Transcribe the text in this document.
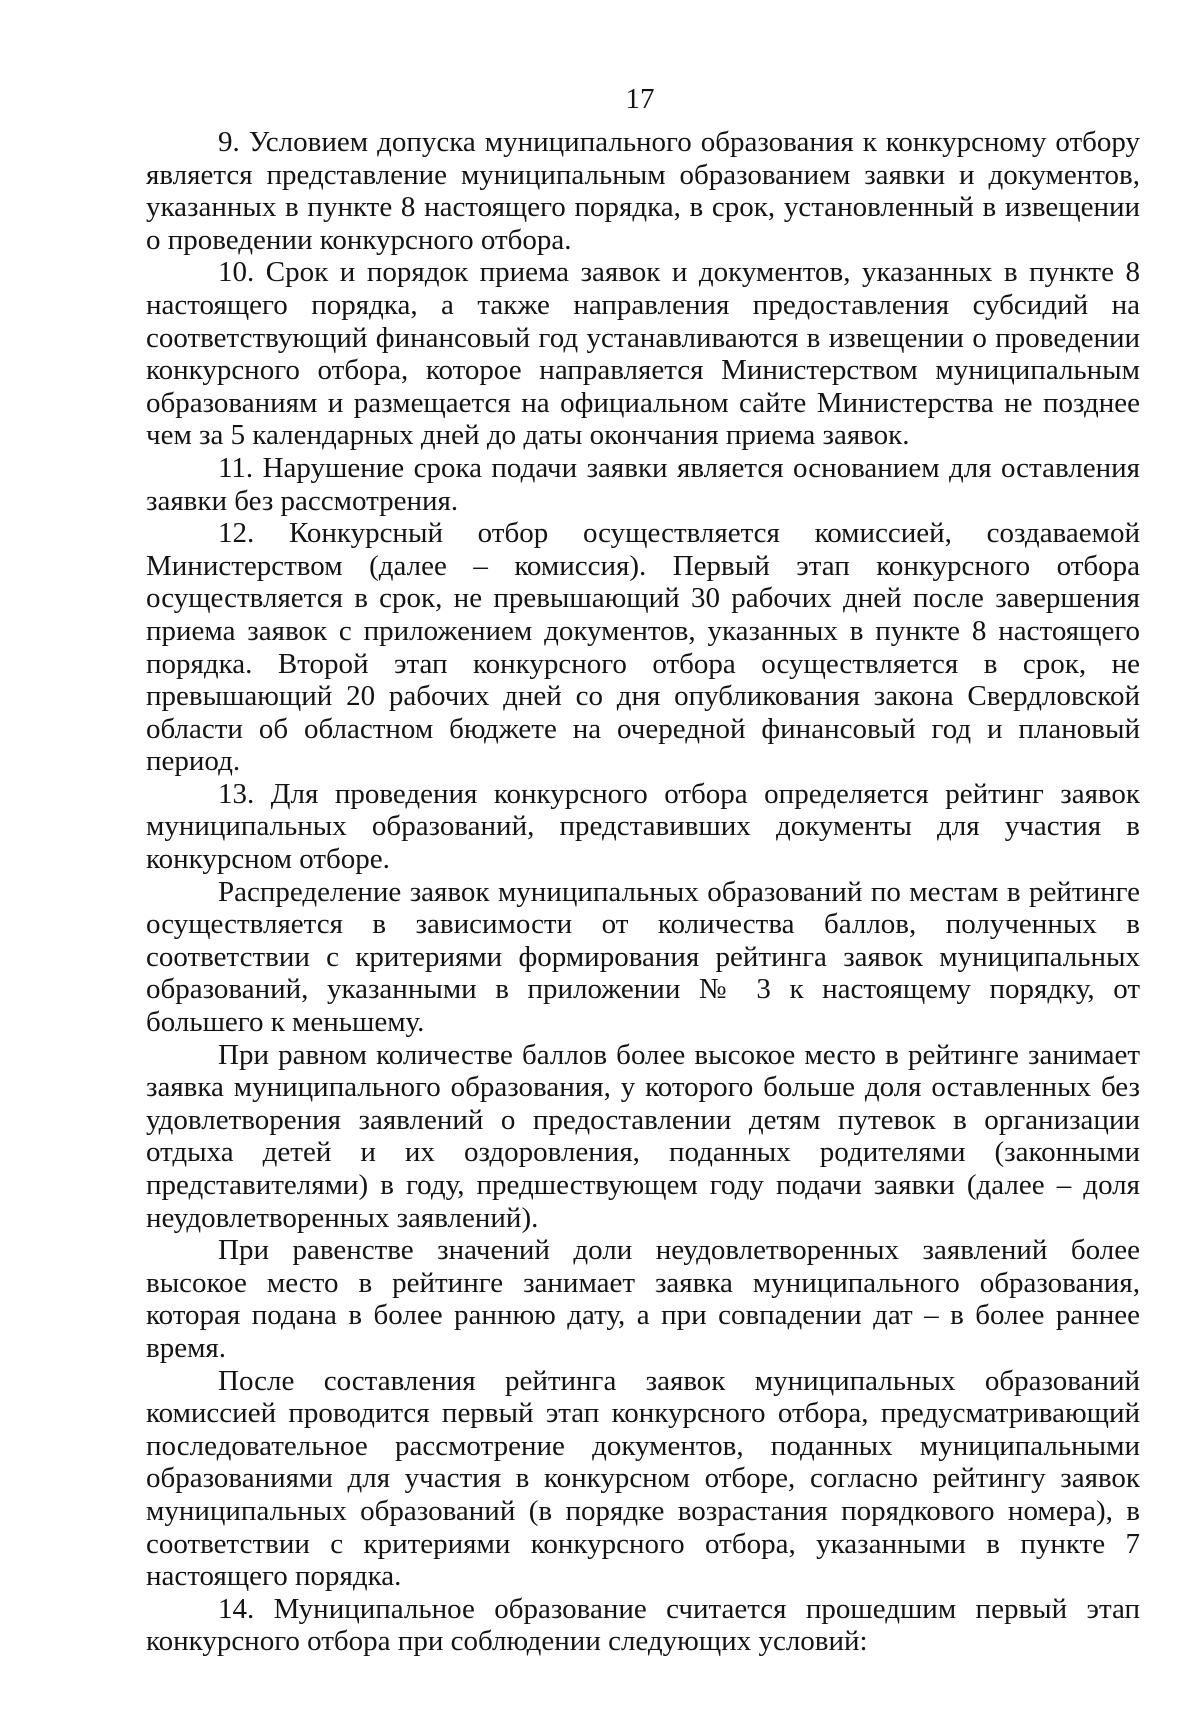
17

9. Условием допуска муниципального образования к конкурсному отбору является представление муниципальным образованием заявки и документов, указанных в пункте 8 настоящего порядка, в срок, установленный в извещении о проведении конкурсного отбора.

10. Срок и порядок приема заявок и документов, указанных в пункте 8 настоящего порядка, а также направления предоставления субсидий на соответствующий финансовый год устанавливаются в извещении о проведении конкурсного отбора, которое направляется Министерством муниципальным образованиям и размещается на официальном сайте Министерства не позднее чем за 5 календарных дней до даты окончания приема заявок.

11. Нарушение срока подачи заявки является основанием для оставления заявки без рассмотрения.

12. Конкурсный отбор осуществляется комиссией, создаваемой Министерством (далее – комиссия). Первый этап конкурсного отбора осуществляется в срок, не превышающий 30 рабочих дней после завершения приема заявок с приложением документов, указанных в пункте 8 настоящего порядка. Второй этап конкурсного отбора осуществляется в срок, не превышающий 20 рабочих дней со дня опубликования закона Свердловской области об областном бюджете на очередной финансовый год и плановый период.

13. Для проведения конкурсного отбора определяется рейтинг заявок муниципальных образований, представивших документы для участия в конкурсном отборе.

Распределение заявок муниципальных образований по местам в рейтинге осуществляется в зависимости от количества баллов, полученных в соответствии с критериями формирования рейтинга заявок муниципальных образований, указанными в приложении № 3 к настоящему порядку, от большего к меньшему.

При равном количестве баллов более высокое место в рейтинге занимает заявка муниципального образования, у которого больше доля оставленных без удовлетворения заявлений о предоставлении детям путевок в организации отдыха детей и их оздоровления, поданных родителями (законными представителями) в году, предшествующем году подачи заявки (далее – доля неудовлетворенных заявлений).

При равенстве значений доли неудовлетворенных заявлений более высокое место в рейтинге занимает заявка муниципального образования, которая подана в более раннюю дату, а при совпадении дат – в более раннее время.

После составления рейтинга заявок муниципальных образований комиссией проводится первый этап конкурсного отбора, предусматривающий последовательное рассмотрение документов, поданных муниципальными образованиями для участия в конкурсном отборе, согласно рейтингу заявок муниципальных образований (в порядке возрастания порядкового номера), в соответствии с критериями конкурсного отбора, указанными в пункте 7 настоящего порядка.

14. Муниципальное образование считается прошедшим первый этап конкурсного отбора при соблюдении следующих условий:
